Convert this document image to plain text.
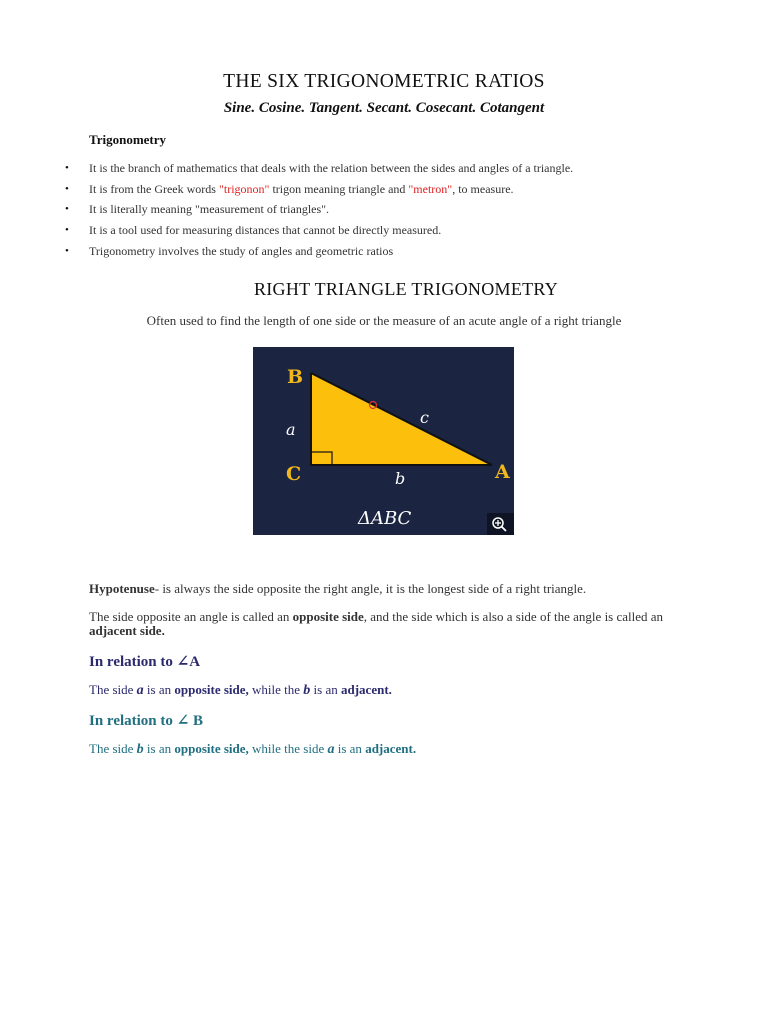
THE SIX TRIGONOMETRIC RATIOS
Sine. Cosine. Tangent. Secant. Cosecant. Cotangent
Trigonometry
• It is the branch of mathematics that deals with the relation between the sides and angles of a triangle.
• It is from the Greek words "trigonon" trigon meaning triangle and "metron", to measure.
• It is literally meaning "measurement of triangles".
• It is a tool used for measuring distances that cannot be directly measured.
• Trigonometry involves the study of angles and geometric ratios
RIGHT TRIANGLE TRIGONOMETRY
Often used to find the length of one side or the measure of an acute angle of a right triangle
B
C	A
a
b
c
ΔABC
Hypotenuse- is always the side opposite the right angle, it is the longest side of a right triangle.
The side opposite an angle is called an opposite side, and the side which is also a side of the angle is called an adjacent side.
In relation to ∠A
The side a is an opposite side, while the b is an adjacent.
In relation to ∠ B
The side b is an opposite side, while the side a is an adjacent.
